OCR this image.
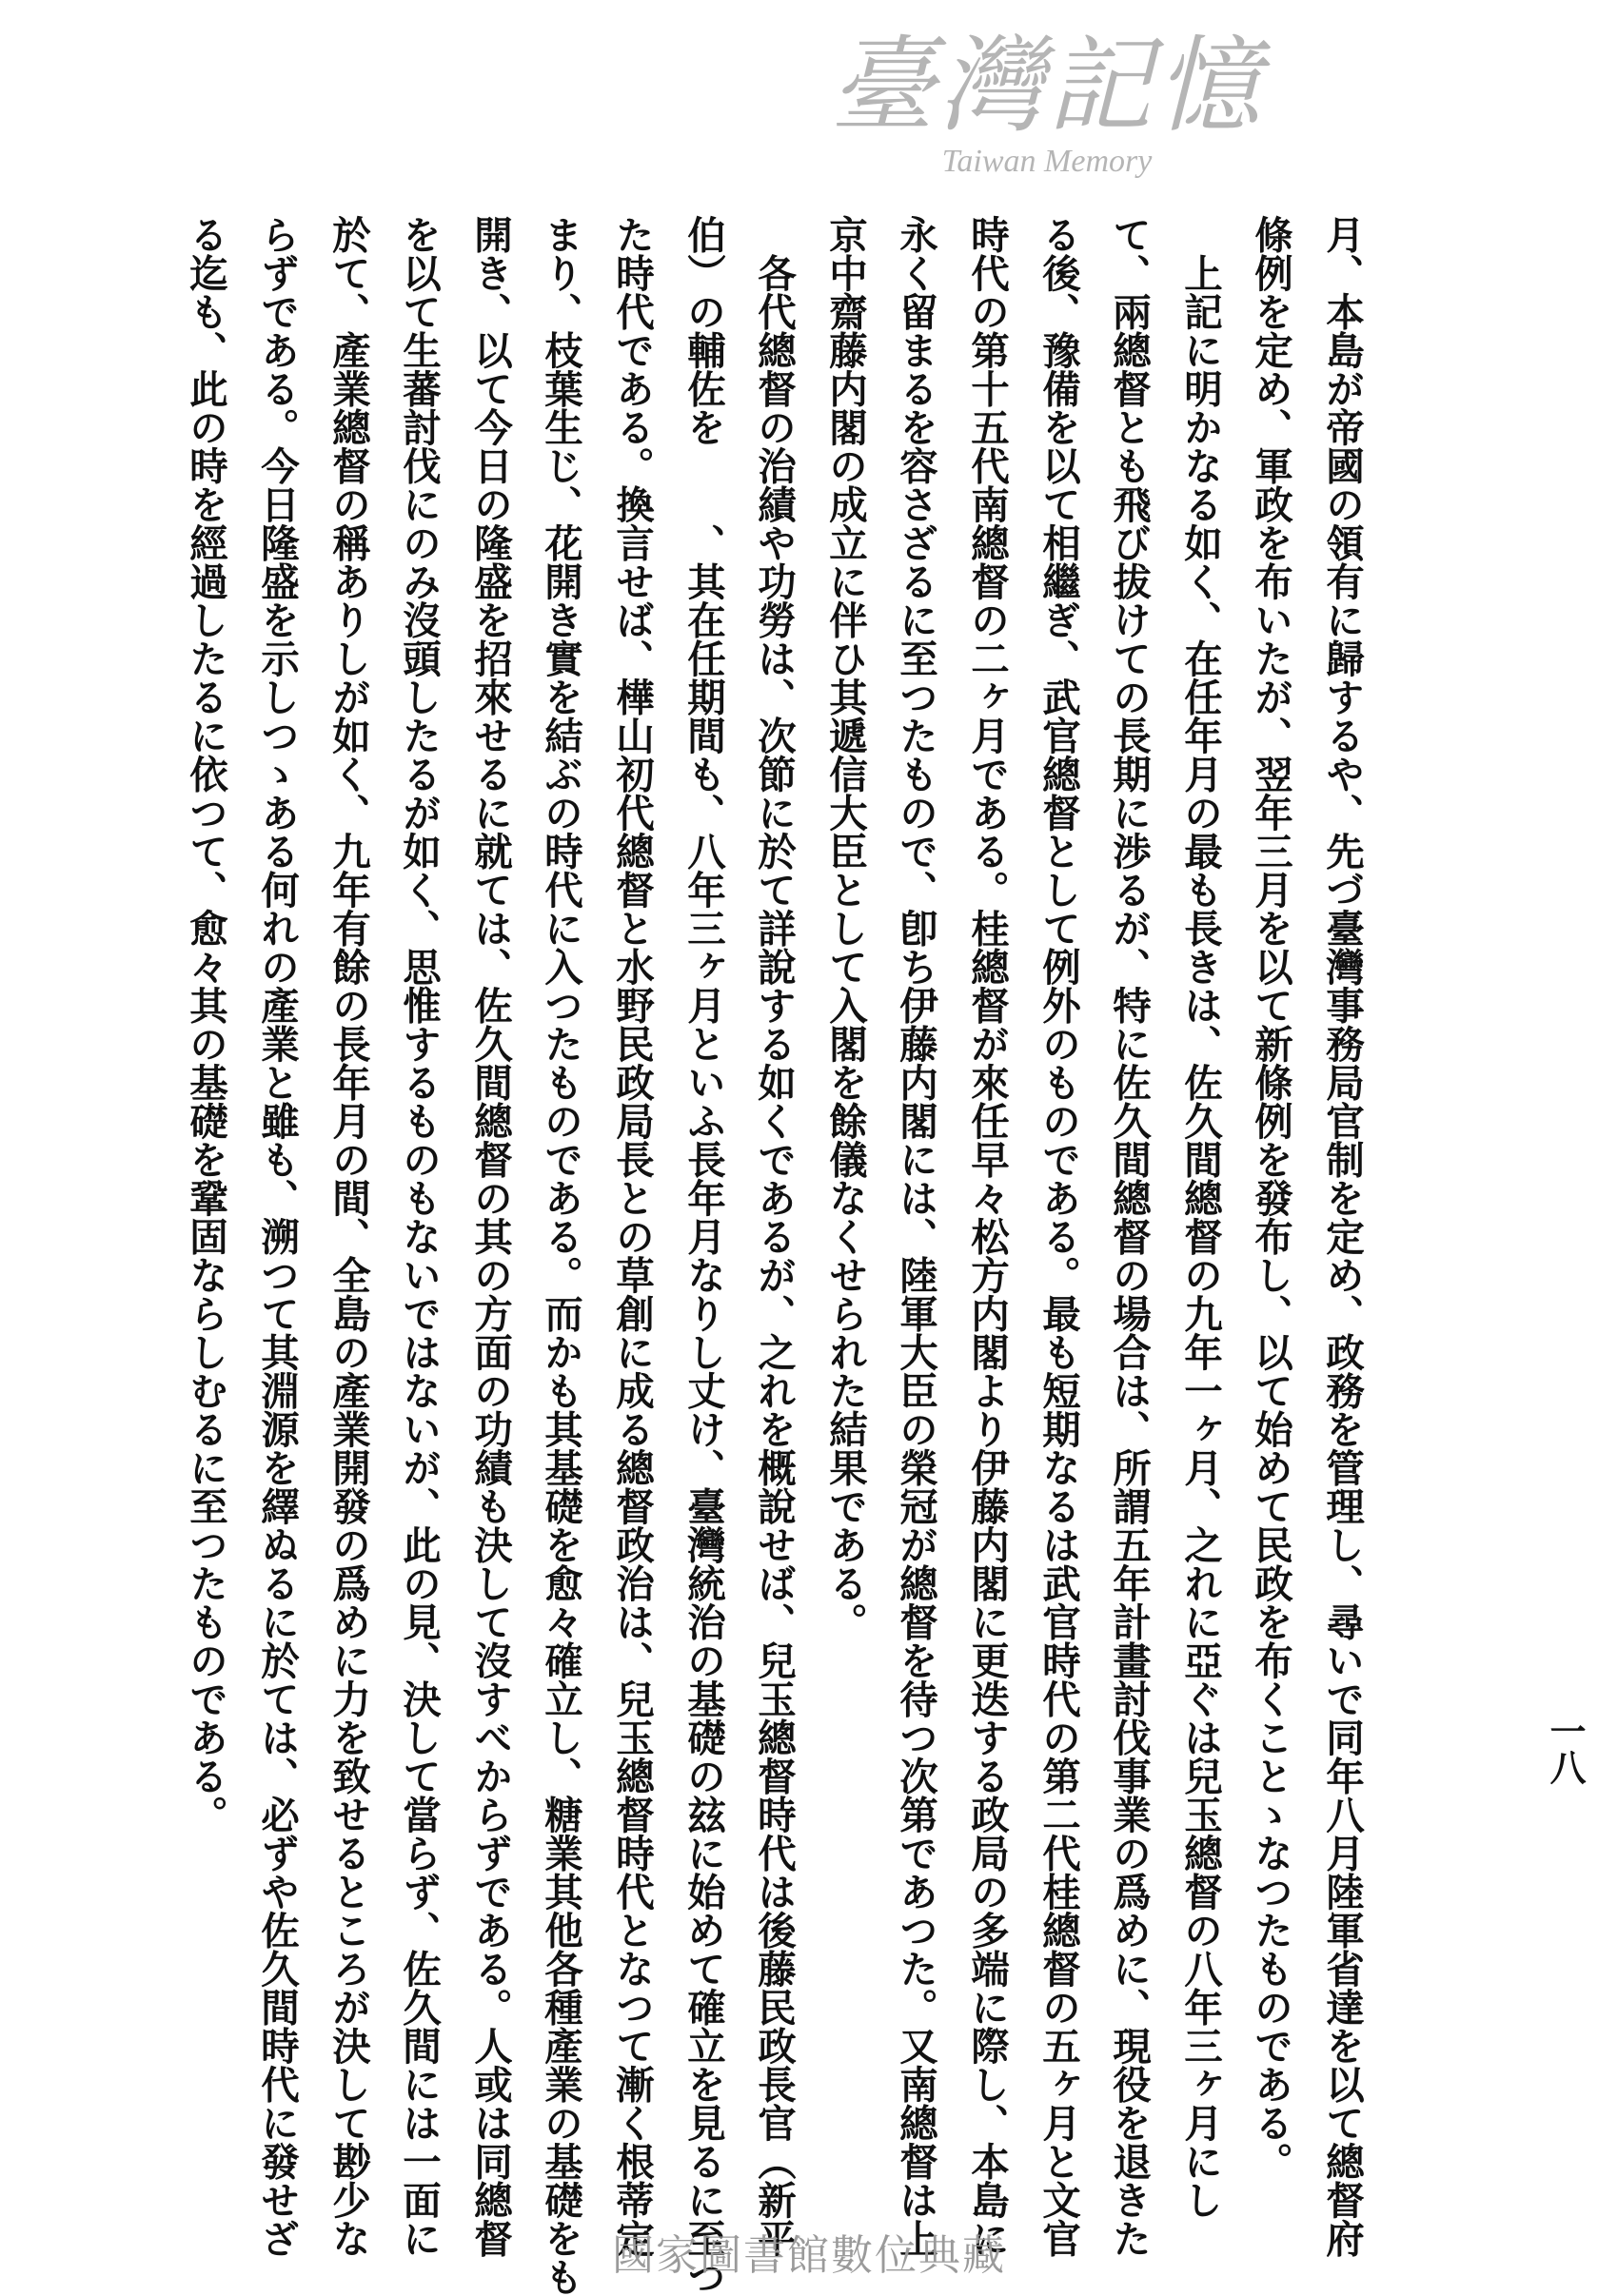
臺灣記憶
Taiwan Memory
月、本島が帝國の領有に歸するや、先づ臺灣事務局官制を定め、政務を管理し、尋いで同年八月陸軍省達を以て總督府
條例を定め、軍政を布いたが、翌年三月を以て新條例を發布し、以て始めて民政を布くことゝなつたものである。
　上記に明かなる如く、在任年月の最も長きは、佐久間總督の九年一ヶ月、之れに亞ぐは兒玉總督の八年三ヶ月にし
て、兩總督とも飛び拔けての長期に渉るが、特に佐久間總督の場合は、所謂五年計畫討伐事業の爲めに、現役を退きた
る後、豫備を以て相繼ぎ、武官總督として例外のものである。最も短期なるは武官時代の第二代桂總督の五ヶ月と文官
時代の第十五代南總督の二ヶ月である。桂總督が來任早々松方内閣より伊藤内閣に更迭する政局の多端に際し、本島に
永く留まるを容さざるに至つたもので、卽ち伊藤内閣には、陸軍大臣の榮冠が總督を待つ次第であつた。又南總督は上
京中齋藤内閣の成立に伴ひ其遞信大臣として入閣を餘儀なくせられた結果である。
　各代總督の治績や功勞は、次節に於て詳說する如くであるが、之れを概說せば、兒玉總督時代は後藤民政長官（新平
伯）の輔佐を　　、其在任期間も、八年三ヶ月といふ長年月なりし丈け、臺灣統治の基礎の玆に始めて確立を見るに至つ
た時代である。換言せば、樺山初代總督と水野民政局長との草創に成る總督政治は、兒玉總督時代となつて漸く根蒂定
まり、枝葉生じ、花開き實を結ぶの時代に入つたものである。而かも其基礎を愈々確立し、糖業其他各種產業の基礎をも
開き、以て今日の隆盛を招來せるに就ては、佐久間總督の其の方面の功績も決して沒すべからずである。人或は同總督
を以て生蕃討伐にのみ沒頭したるが如く、思惟するものもないではないが、此の見、決して當らず、佐久間には一面に
於て、產業總督の稱ありしが如く、九年有餘の長年月の間、全島の產業開發の爲めに力を致せるところが決して尠少な
らずである。今日隆盛を示しつゝある何れの產業と雖も、溯つて其淵源を繹ぬるに於ては、必ずや佐久間時代に發せざ
る迄も、此の時を經過したるに依つて、愈々其の基礎を鞏固ならしむるに至つたものである。	一八
國家圖書館數位典藏
